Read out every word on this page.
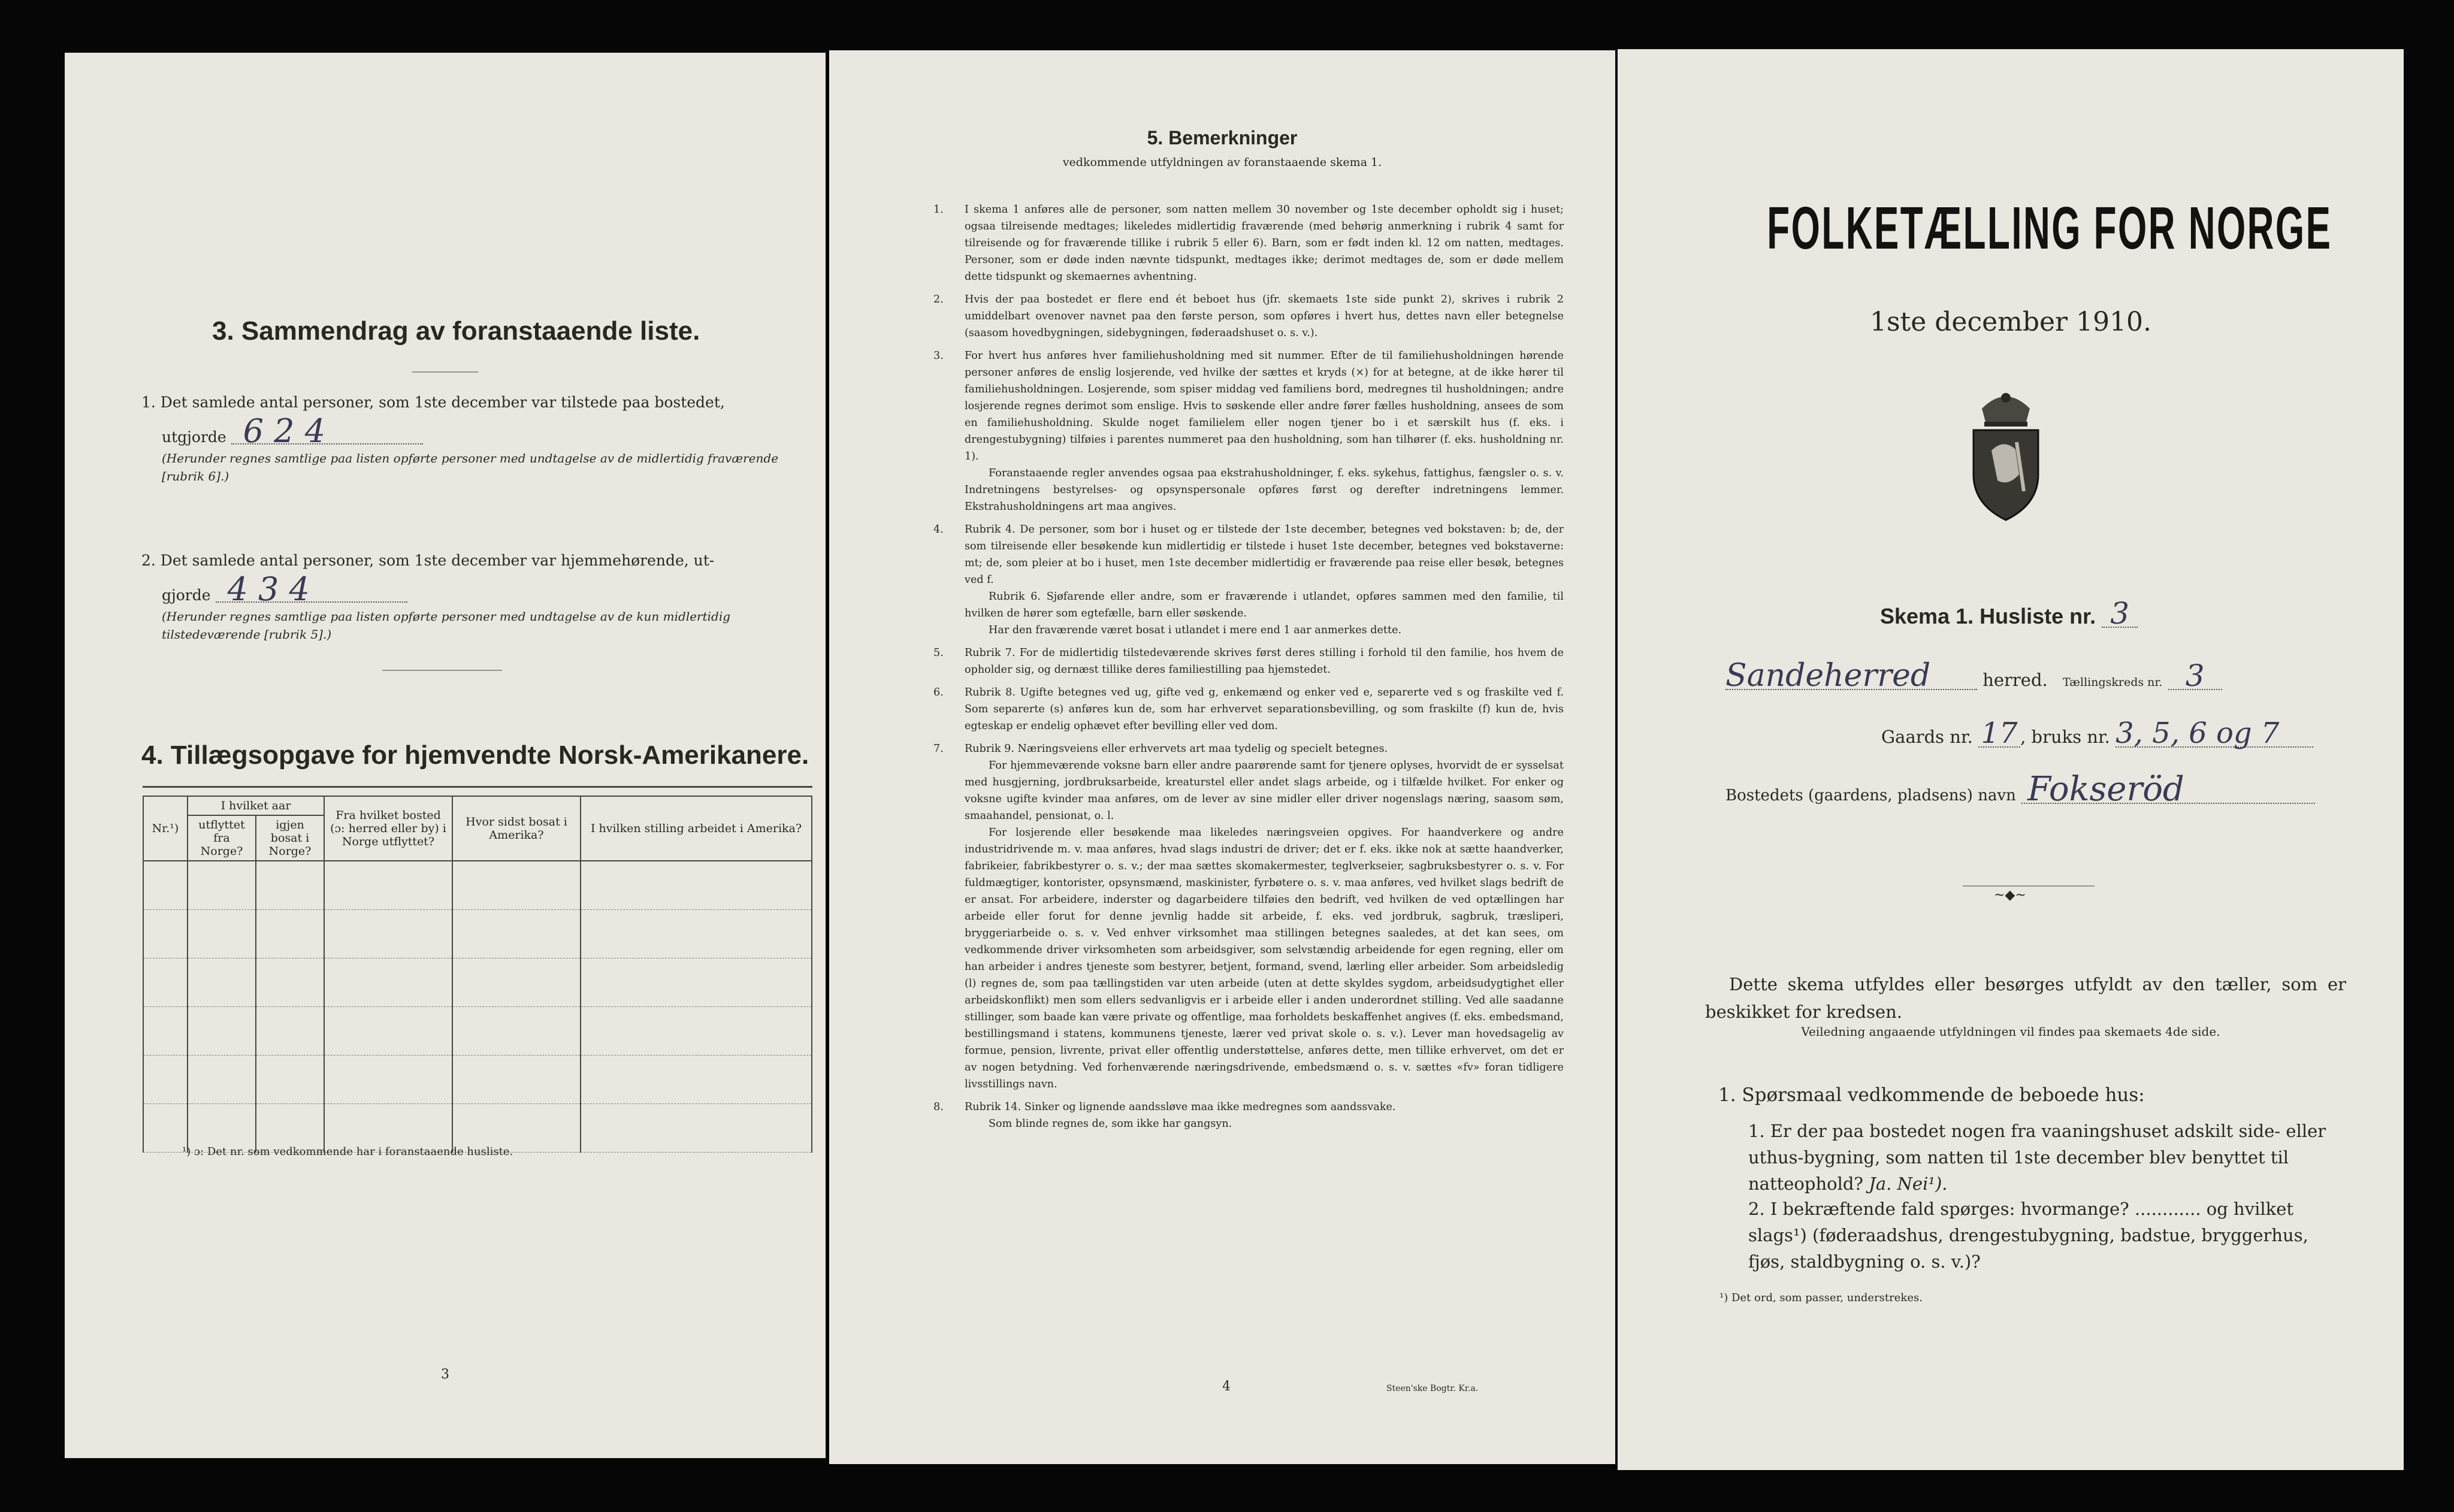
3. Sammendrag av foranstaaende liste.
1. Det samlede antal personer, som 1ste december var tilstede paa bostedet,
utgjorde 6 2 4
(Herunder regnes samtlige paa listen opførte personer med undtagelse av de midlertidig fraværende [rubrik 6].)
2. Det samlede antal personer, som 1ste december var hjemmehørende, ut-
gjorde 4 3 4
(Herunder regnes samtlige paa listen opførte personer med undtagelse av de kun midlertidig tilstedeværende [rubrik 5].)
4. Tillægsopgave for hjemvendte Norsk-Amerikanere.
Nr.¹)	I hvilket aar		Fra hvilket bosted (ɔ: herred eller by) i Norge utflyttet?	Hvor sidst bosat i Amerika?	I hvilken stilling arbeidet i Amerika?
	utflyttet fra Norge?	igjen bosat i Norge?			

¹) ɔ: Det nr. som vedkommende har i foranstaaende husliste.
3
5. Bemerkninger
vedkommende utfyldningen av foranstaaende skema 1.
1. I skema 1 anføres alle de personer, som natten mellem 30 november og 1ste december opholdt sig i huset; ogsaa tilreisende medtages; likeledes midlertidig fraværende (med behørig anmerkning i rubrik 4 samt for tilreisende og for fraværende tillike i rubrik 5 eller 6). Barn, som er født inden kl. 12 om natten, medtages. Personer, som er døde inden nævnte tidspunkt, medtages ikke; derimot medtages de, som er døde mellem dette tidspunkt og skemaernes avhentning.

2. Hvis der paa bostedet er flere end ét beboet hus (jfr. skemaets 1ste side punkt 2), skrives i rubrik 2 umiddelbart ovenover navnet paa den første person, som opføres i hvert hus, dettes navn eller betegnelse (saasom hovedbygningen, sidebygningen, føderaadshuset o. s. v.).

3. For hvert hus anføres hver familiehusholdning med sit nummer. Efter de til familiehusholdningen hørende personer anføres de enslig losjerende, ved hvilke der sættes et kryds (×) for at betegne, at de ikke hører til familiehusholdningen. Losjerende, som spiser middag ved familiens bord, medregnes til husholdningen; andre losjerende regnes derimot som enslige. Hvis to søskende eller andre fører fælles husholdning, ansees de som en familiehusholdning. Skulde noget familielem eller nogen tjener bo i et særskilt hus (f. eks. i drengestubygning) tilføies i parentes nummeret paa den husholdning, som han tilhører (f. eks. husholdning nr. 1).

Foranstaaende regler anvendes ogsaa paa ekstrahusholdninger, f. eks. sykehus, fattighus, fængsler o. s. v. Indretningens bestyrelses- og opsynspersonale opføres først og derefter indretningens lemmer. Ekstrahusholdningens art maa angives.

4. Rubrik 4. De personer, som bor i huset og er tilstede der 1ste december, betegnes ved bokstaven: b; de, der som tilreisende eller besøkende kun midlertidig er tilstede i huset 1ste december, betegnes ved bokstaverne: mt; de, som pleier at bo i huset, men 1ste december midlertidig er fraværende paa reise eller besøk, betegnes ved f.

Rubrik 6. Sjøfarende eller andre, som er fraværende i utlandet, opføres sammen med den familie, til hvilken de hører som egtefælle, barn eller søskende.

Har den fraværende været bosat i utlandet i mere end 1 aar anmerkes dette.

5. Rubrik 7. For de midlertidig tilstedeværende skrives først deres stilling i forhold til den familie, hos hvem de opholder sig, og dernæst tillike deres familiestilling paa hjemstedet.

6. Rubrik 8. Ugifte betegnes ved ug, gifte ved g, enkemænd og enker ved e, separerte ved s og fraskilte ved f. Som separerte (s) anføres kun de, som har erhvervet separationsbevilling, og som fraskilte (f) kun de, hvis egteskap er endelig ophævet efter bevilling eller ved dom.

7. Rubrik 9. Næringsveiens eller erhvervets art maa tydelig og specielt betegnes.

For hjemmeværende voksne barn eller andre paarørende samt for tjenere oplyses, hvorvidt de er sysselsat med husgjerning, jordbruksarbeide, kreaturstel eller andet slags arbeide, og i tilfælde hvilket. For enker og voksne ugifte kvinder maa anføres, om de lever av sine midler eller driver nogenslags næring, saasom søm, smaahandel, pensionat, o. l.

For losjerende eller besøkende maa likeledes næringsveien opgives. For haandverkere og andre industridrivende m. v. maa anføres, hvad slags industri de driver; det er f. eks. ikke nok at sætte haandverker, fabrikeier, fabrikbestyrer o. s. v.; der maa sættes skomakermester, teglverkseier, sagbruksbestyrer o. s. v. For fuldmægtiger, kontorister, opsynsmænd, maskinister, fyrbøtere o. s. v. maa anføres, ved hvilket slags bedrift de er ansat. For arbeidere, inderster og dagarbeidere tilføies den bedrift, ved hvilken de ved optællingen har arbeide eller forut for denne jevnlig hadde sit arbeide, f. eks. ved jordbruk, sagbruk, træsliperi, bryggeriarbeide o. s. v. Ved enhver virksomhet maa stillingen betegnes saaledes, at det kan sees, om vedkommende driver virksomheten som arbeidsgiver, som selvstændig arbeidende for egen regning, eller om han arbeider i andres tjeneste som bestyrer, betjent, formand, svend, lærling eller arbeider. Som arbeidsledig (l) regnes de, som paa tællingstiden var uten arbeide (uten at dette skyldes sygdom, arbeidsudygtighet eller arbeidskonflikt) men som ellers sedvanligvis er i arbeide eller i anden underordnet stilling. Ved alle saadanne stillinger, som baade kan være private og offentlige, maa forholdets beskaffenhet angives (f. eks. embedsmand, bestillingsmand i statens, kommunens tjeneste, lærer ved privat skole o. s. v.). Lever man hovedsagelig av formue, pension, livrente, privat eller offentlig understøttelse, anføres dette, men tillike erhvervet, om det er av nogen betydning. Ved forhenværende næringsdrivende, embedsmænd o. s. v. sættes «fv» foran tidligere livsstillings navn.

8. Rubrik 14. Sinker og lignende aandssløve maa ikke medregnes som aandssvake.

Som blinde regnes de, som ikke har gangsyn.

4	Steen'ske Bogtr. Kr.a.
FOLKETÆLLING FOR NORGE
1ste december 1910.
Skema 1. Husliste nr. 3
Sandeherred	herred. Tællingskreds nr. 3
Gaards nr. 17 , bruks nr. 3, 5, 6 og 7
Bostedets (gaardens, pladsens) navn Fokseröd
~◆~
Dette skema utfyldes eller besørges utfyldt av den tæller, som er beskikket for kredsen.
Veiledning angaaende utfyldningen vil findes paa skemaets 4de side.
1. Spørsmaal vedkommende de beboede hus:
1. Er der paa bostedet nogen fra vaaningshuset adskilt side- eller uthus-bygning, som natten til 1ste december blev benyttet til natteophold? Ja. Nei¹).
2. I bekræftende fald spørges: hvormange? ............ og hvilket slags¹) (føderaadshus, drengestubygning, badstue, bryggerhus, fjøs, staldbygning o. s. v.)?
¹) Det ord, som passer, understrekes.
